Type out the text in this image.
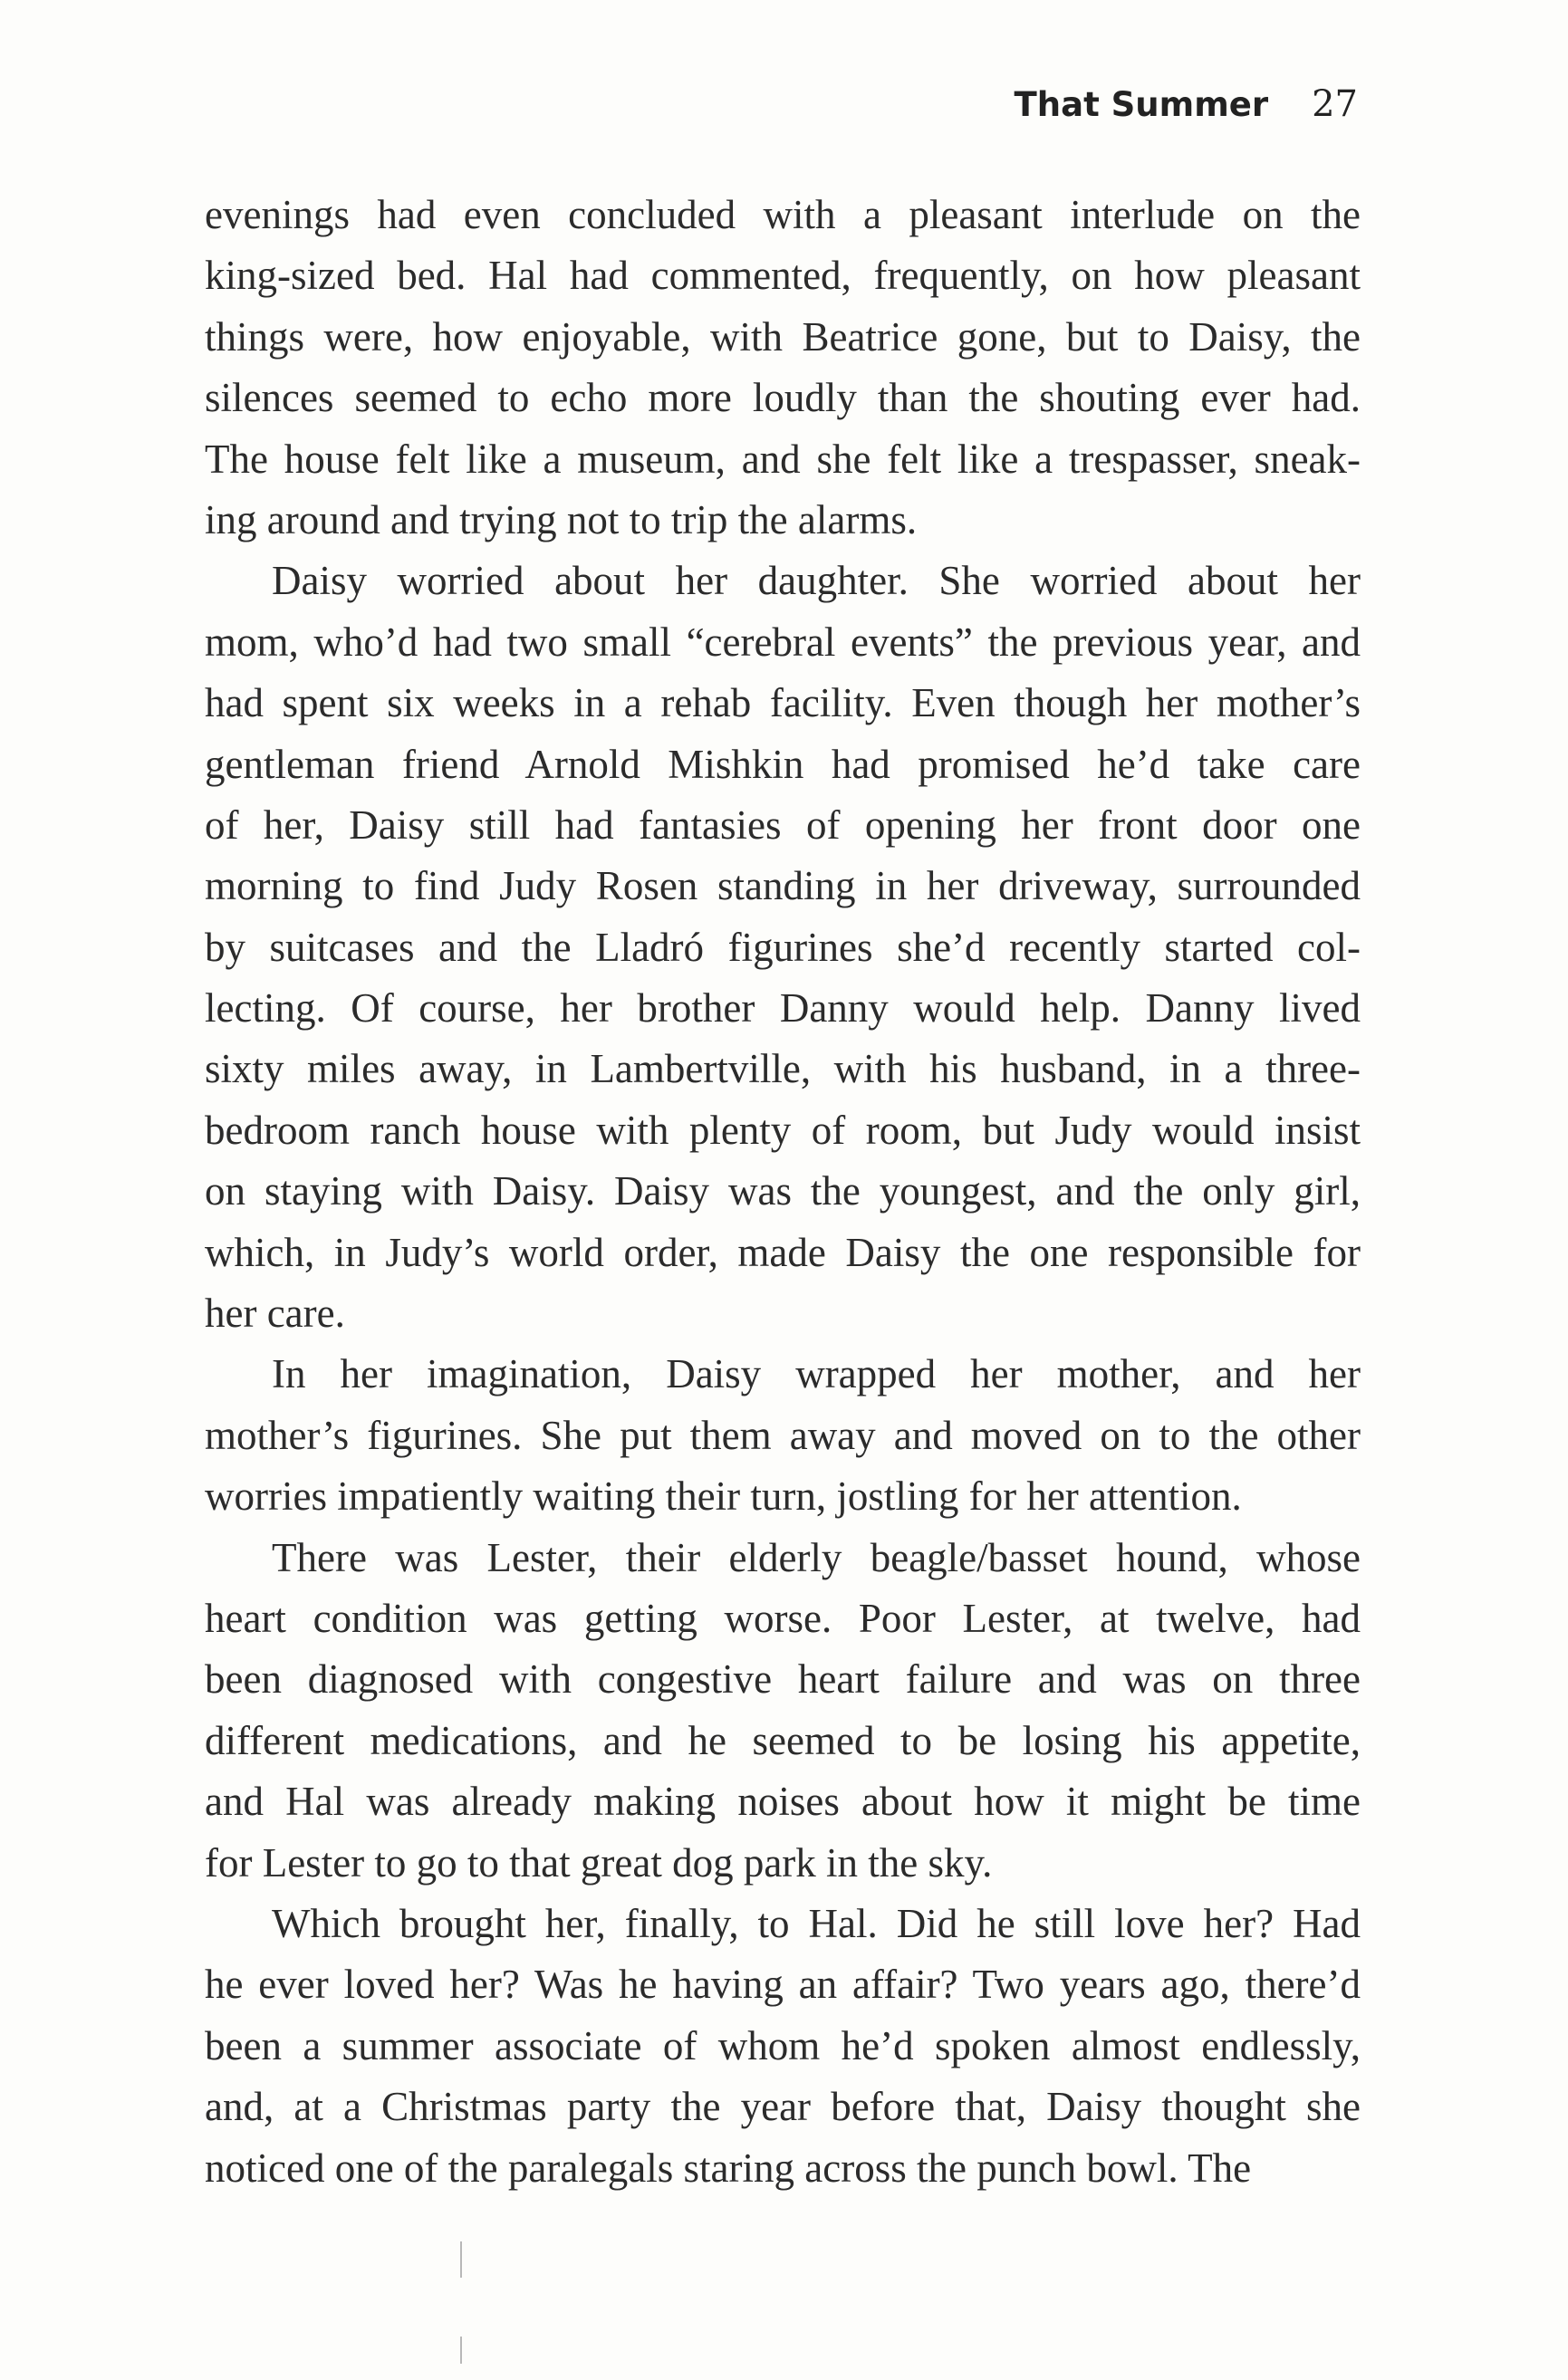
That Summer 27
evenings had even concluded with a pleasant interlude on the
king-sized bed. Hal had commented, frequently, on how pleasant
things were, how enjoyable, with Beatrice gone, but to Daisy, the
silences seemed to echo more loudly than the shouting ever had.
The house felt like a museum, and she felt like a trespasser, sneak-
ing around and trying not to trip the alarms.
Daisy worried about her daughter. She worried about her
mom, who’d had two small “cerebral events” the previous year, and
had spent six weeks in a rehab facility. Even though her mother’s
gentleman friend Arnold Mishkin had promised he’d take care
of her, Daisy still had fantasies of opening her front door one
morning to find Judy Rosen standing in her driveway, surrounded
by suitcases and the Lladró figurines she’d recently started col-
lecting. Of course, her brother Danny would help. Danny lived
sixty miles away, in Lambertville, with his husband, in a three-
bedroom ranch house with plenty of room, but Judy would insist
on staying with Daisy. Daisy was the youngest, and the only girl,
which, in Judy’s world order, made Daisy the one responsible for
her care.
In her imagination, Daisy wrapped her mother, and her
mother’s figurines. She put them away and moved on to the other
worries impatiently waiting their turn, jostling for her attention.
There was Lester, their elderly beagle/basset hound, whose
heart condition was getting worse. Poor Lester, at twelve, had
been diagnosed with congestive heart failure and was on three
different medications, and he seemed to be losing his appetite,
and Hal was already making noises about how it might be time
for Lester to go to that great dog park in the sky.
Which brought her, finally, to Hal. Did he still love her? Had
he ever loved her? Was he having an affair? Two years ago, there’d
been a summer associate of whom he’d spoken almost endlessly,
and, at a Christmas party the year before that, Daisy thought she
noticed one of the paralegals staring across the punch bowl. The
